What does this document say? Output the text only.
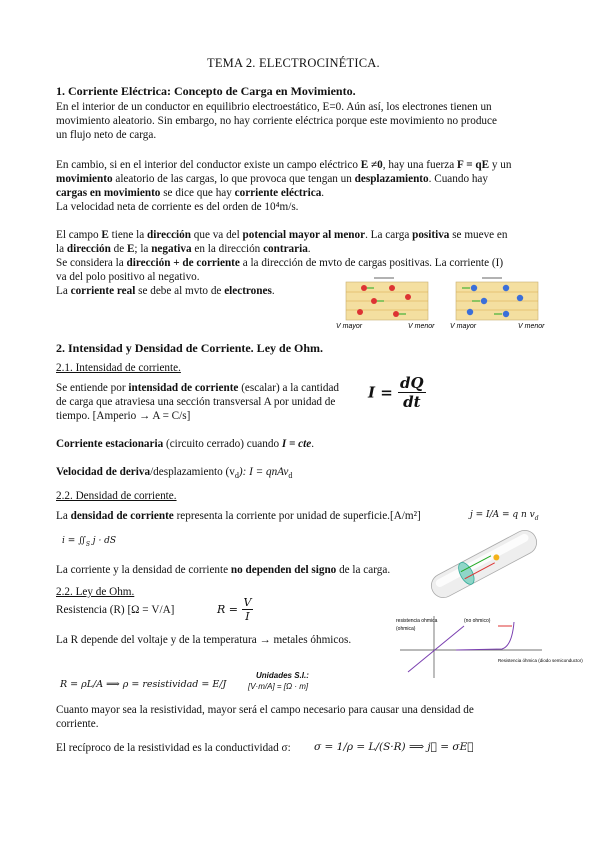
TEMA 2. ELECTROCINÉTICA.
1. Corriente Eléctrica: Concepto de Carga en Movimiento.
En el interior de un conductor en equilibrio electroestático, E=0. Aún así, los electrones tienen un
movimiento aleatorio. Sin embargo, no hay corriente eléctrica porque este movimiento no produce
un flujo neto de carga.
En cambio, si en el interior del conductor existe un campo eléctrico E ≠0, hay una fuerza F = qE y un
movimiento aleatorio de las cargas, lo que provoca que tengan un desplazamiento. Cuando hay
cargas en movimiento se dice que hay corriente eléctrica.
La velocidad neta de corriente es del orden de 10⁴m/s.
El campo E tiene la dirección que va del potencial mayor al menor. La carga positiva se mueve en
la dirección de E; la negativa en la dirección contraria.
Se considera la dirección + de corriente a la dirección de mvto de cargas positivas. La corriente (I)
va del polo positivo al negativo.
La corriente real se debe al mvto de electrones.
V mayor	V menor V mayor	V menor
2. Intensidad y Densidad de Corriente. Ley de Ohm.
2.1. Intensidad de corriente.
Se entiende por intensidad de corriente (escalar) a la cantidad
de carga que atraviesa una sección transversal A por unidad de
tiempo. [Amperio → A = C/s]
$I = \frac{dQ}{dt}$
Corriente estacionaria (circuito cerrado) cuando I = cte.
Velocidad de deriva/desplazamiento $(v_d)$: I = qnAv$_d$
2.2. Densidad de corriente.
La densidad de corriente representa la corriente por unidad de superficie.[A/m²]	j = I/A = q n $v_d$
$i = ∬_S$ j · dS
La corriente y la densidad de corriente no dependen del signo de la carga.
2.2. Ley de Ohm.
Resistencia (R) [Ω = V/A]	$R = \frac{V}{I}$
La R depende del voltaje y de la temperatura → metales óhmicos.
resistencia ohmica
(ohmica)
(no ohmico)
Resistencia óhmica (diodo semiconductor)
R = ρL/A ⟹ ρ = resistividad = E/J
Unidades S.I.:
[V·m/A] = [Ω · m]
Cuanto mayor sea la resistividad, mayor será el campo necesario para causar una densidad de
corriente.
El recíproco de la resistividad es la conductividad σ: σ = 1/ρ = L/(S·R) ⟹ j⃗ = σE⃗
